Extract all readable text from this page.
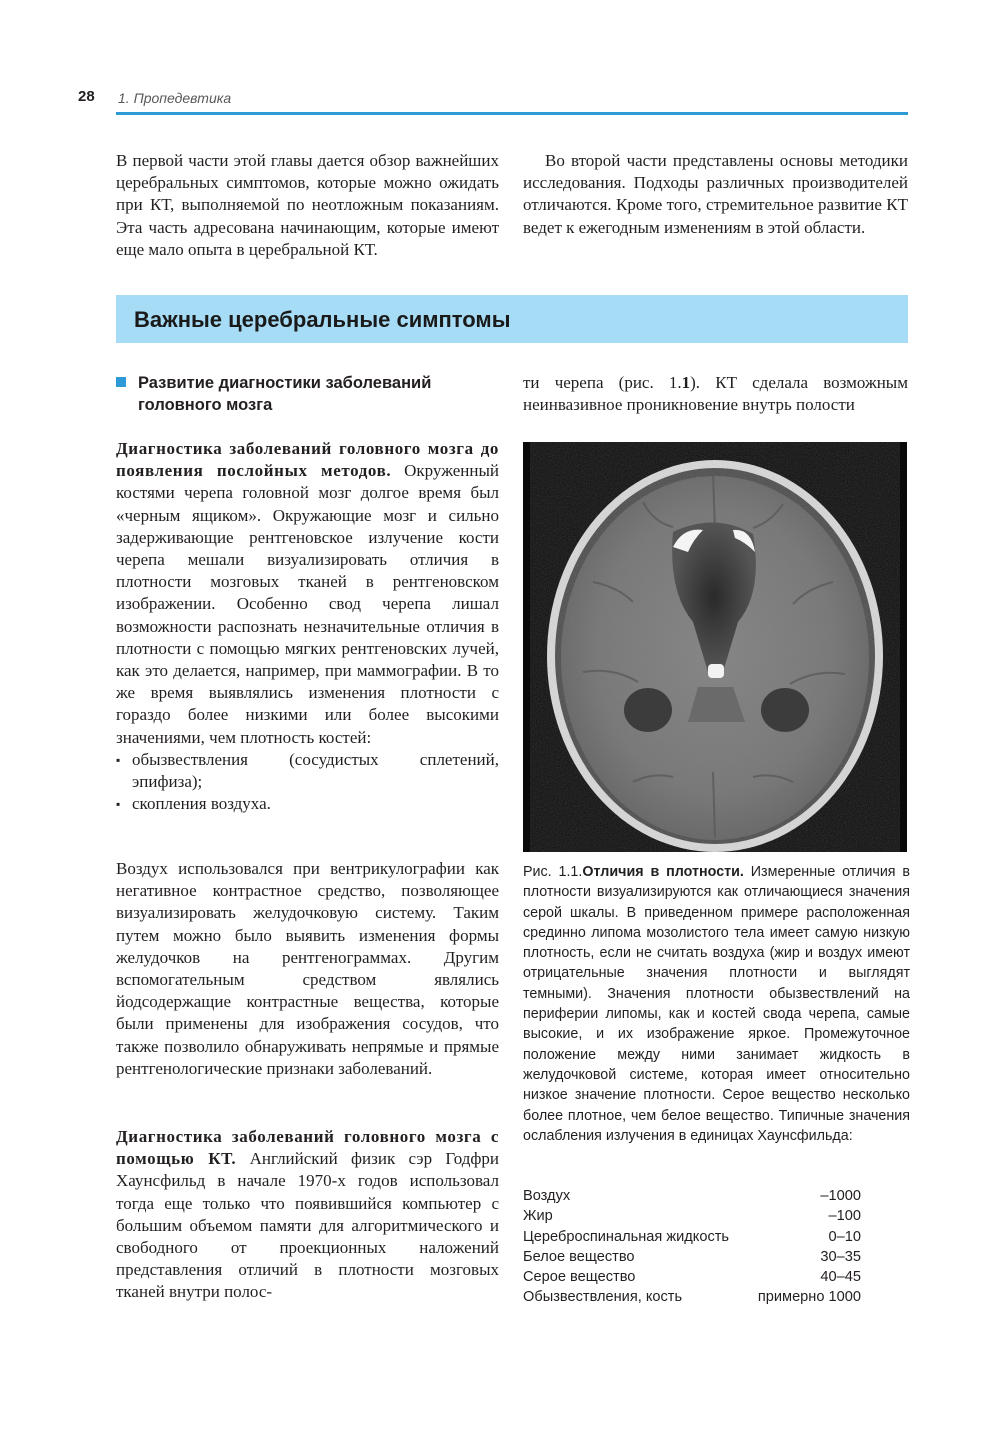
28 1. Пропедевтика
В первой части этой главы дается обзор важнейших церебральных симптомов, которые можно ожидать при КТ, выполняемой по неотложным показаниям. Эта часть адресована начинающим, которые имеют еще мало опыта в церебральной КТ.
Во второй части представлены основы методики исследования. Подходы различных производителей отличаются. Кроме того, стремительное развитие КТ ведет к ежегодным изменениям в этой области.
Важные церебральные симптомы
Развитие диагностики заболеваний головного мозга

Диагностика заболеваний головного мозга до появления послойных методов. Окруженный костями черепа головной мозг долгое время был «черным ящиком». Окружающие мозг и сильно задерживающие рентгеновское излучение кости черепа мешали визуализировать отличия в плотности мозговых тканей в рентгеновском изображении. Особенно свод черепа лишал возможности распознать незначительные отличия в плотности с помощью мягких рентгеновских лучей, как это делается, например, при маммографии. В то же время выявлялись изменения плотности с гораздо более низкими или более высокими значениями, чем плотность костей:

▪ обызвествления (сосудистых сплетений, эпифиза);
▪ скопления воздуха.
Воздух использовался при вентрикулографии как негативное контрастное средство, позволяющее визуализировать желудочковую систему. Таким путем можно было выявить изменения формы желудочков на рентгенограммах. Другим вспомогательным средством являлись йодсодержащие контрастные вещества, которые были применены для изображения сосудов, что также позволило обнаруживать непрямые и прямые рентгенологические признаки заболеваний.
Диагностика заболеваний головного мозга с помощью КТ. Английский физик сэр Годфри Хаунсфильд в начале 1970-х годов использовал тогда еще только что появившийся компьютер с большим объемом памяти для алгоритмического и свободного от проекционных наложений представления отличий в плотности мозговых тканей внутри полос-
ти черепа (рис. 1.1). КТ сделала возможным неинвазивное проникновение внутрь полости
Рис. 1.1.Отличия в плотности. Измеренные отличия в плотности визуализируются как отличающиеся значения серой шкалы. В приведенном примере расположенная срединно липома мозолистого тела имеет самую низкую плотность, если не считать воздуха (жир и воздух имеют отрицательные значения плотности и выглядят темными). Значения плотности обызвествлений на периферии липомы, как и костей свода черепа, самые высокие, и их изображение яркое. Промежуточное положение между ними занимает жидкость в желудочковой системе, которая имеет относительно низкое значение плотности. Серое вещество несколько более плотное, чем белое вещество. Типичные значения ослабления излучения в единицах Хаунсфильда:
Воздух	–1000
Жир	–100
Цереброспинальная жидкость	0–10
Белое вещество	30–35
Серое вещество	40–45
Обызвествления, кость	примерно 1000
